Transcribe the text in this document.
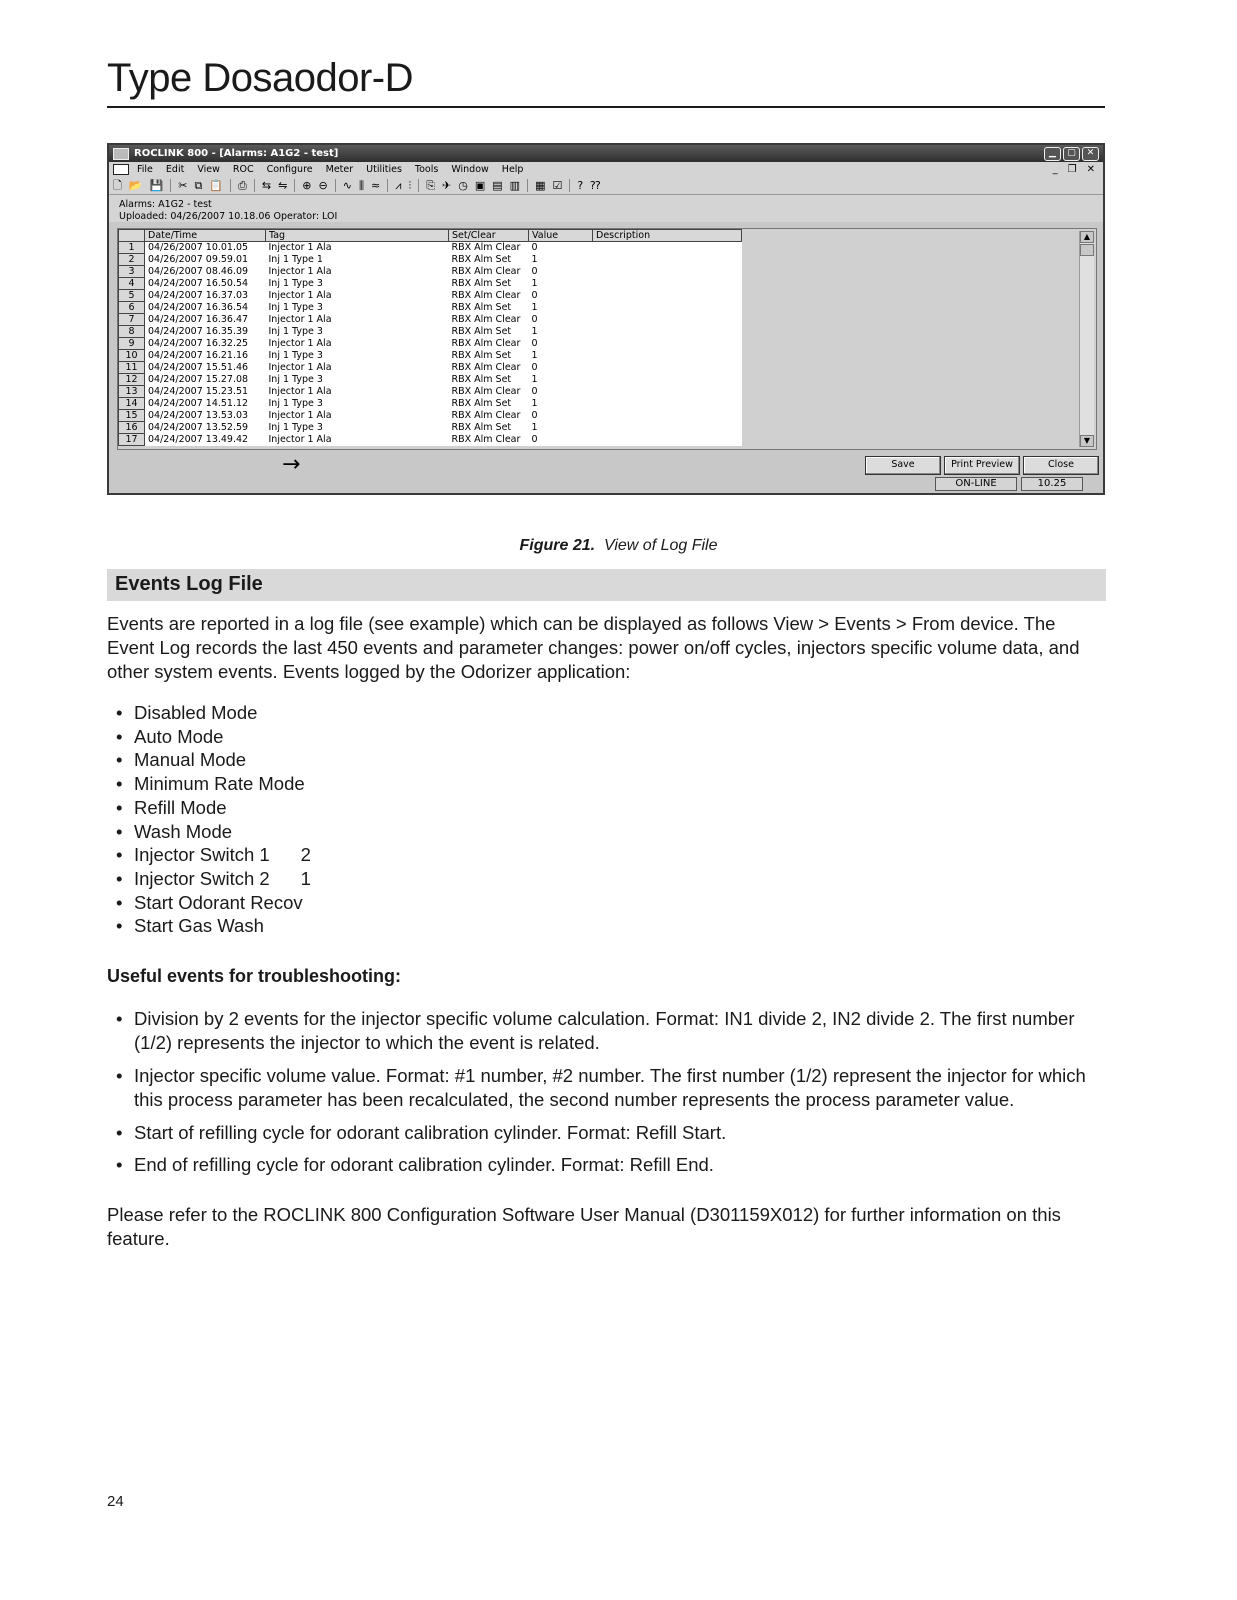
Type Dosaodor-D
ROCLINK 800 - [Alarms: A1G2 - test]	▁	▢	✕
File Edit View ROC Configure Meter Utilities Tools Window Help	_ ❐ ✕
🗋 📂 💾 ✂ ⧉ 📋 ⎙ ⇆ ⇋ ⊕ ⊖ ∿ ⫼ ≈ ⩘ ⫶ ⎘ ✈ ◷ ▣ ▤ ▥ ▦ ☑ ? ⁇
Alarms: A1G2 - test
Uploaded: 04/26/2007 10.18.06 Operator: LOI
	Date/Time	Tag	Set/Clear	Value	Description
1	04/26/2007 10.01.05	Injector 1 Ala	RBX Alm Clear	0	
2	04/26/2007 09.59.01	Inj 1 Type 1	RBX Alm Set	1	
3	04/26/2007 08.46.09	Injector 1 Ala	RBX Alm Clear	0	
4	04/24/2007 16.50.54	Inj 1 Type 3	RBX Alm Set	1	
5	04/24/2007 16.37.03	Injector 1 Ala	RBX Alm Clear	0	
6	04/24/2007 16.36.54	Inj 1 Type 3	RBX Alm Set	1	
7	04/24/2007 16.36.47	Injector 1 Ala	RBX Alm Clear	0	
8	04/24/2007 16.35.39	Inj 1 Type 3	RBX Alm Set	1	
9	04/24/2007 16.32.25	Injector 1 Ala	RBX Alm Clear	0	
10	04/24/2007 16.21.16	Inj 1 Type 3	RBX Alm Set	1	
11	04/24/2007 15.51.46	Injector 1 Ala	RBX Alm Clear	0	
12	04/24/2007 15.27.08	Inj 1 Type 3	RBX Alm Set	1	
13	04/24/2007 15.23.51	Injector 1 Ala	RBX Alm Clear	0	
14	04/24/2007 14.51.12	Inj 1 Type 3	RBX Alm Set	1	
15	04/24/2007 13.53.03	Injector 1 Ala	RBX Alm Clear	0	
16	04/24/2007 13.52.59	Inj 1 Type 3	RBX Alm Set	1	
17	04/24/2007 13.49.42	Injector 1 Ala	RBX Alm Clear	0	
▲
▼
→	Save	Print Preview	Close
ON-LINE	10.25
Figure 21. View of Log File
Events Log File

Events are reported in a log file (see example) which can be displayed as follows View > Events > From device. The Event Log records the last 450 events and parameter changes: power on/off cycles, injectors specific volume data, and other system events. Events logged by the Odorizer application:

• Disabled Mode
• Auto Mode
• Manual Mode
• Minimum Rate Mode
• Refill Mode
• Wash Mode
• Injector Switch 1      2
• Injector Switch 2      1
• Start Odorant Recov
• Start Gas Wash
Useful events for troubleshooting:
• Division by 2 events for the injector specific volume calculation. Format: IN1 divide 2, IN2 divide 2. The first number (1/2) represents the injector to which the event is related.
• Injector specific volume value. Format: #1 number, #2 number. The first number (1/2) represent the injector for which this process parameter has been recalculated, the second number represents the process parameter value.
• Start of refilling cycle for odorant calibration cylinder. Format: Refill Start.
• End of refilling cycle for odorant calibration cylinder. Format: Refill End.

Please refer to the ROCLINK 800 Configuration Software User Manual (D301159X012) for further information on this feature.

24
